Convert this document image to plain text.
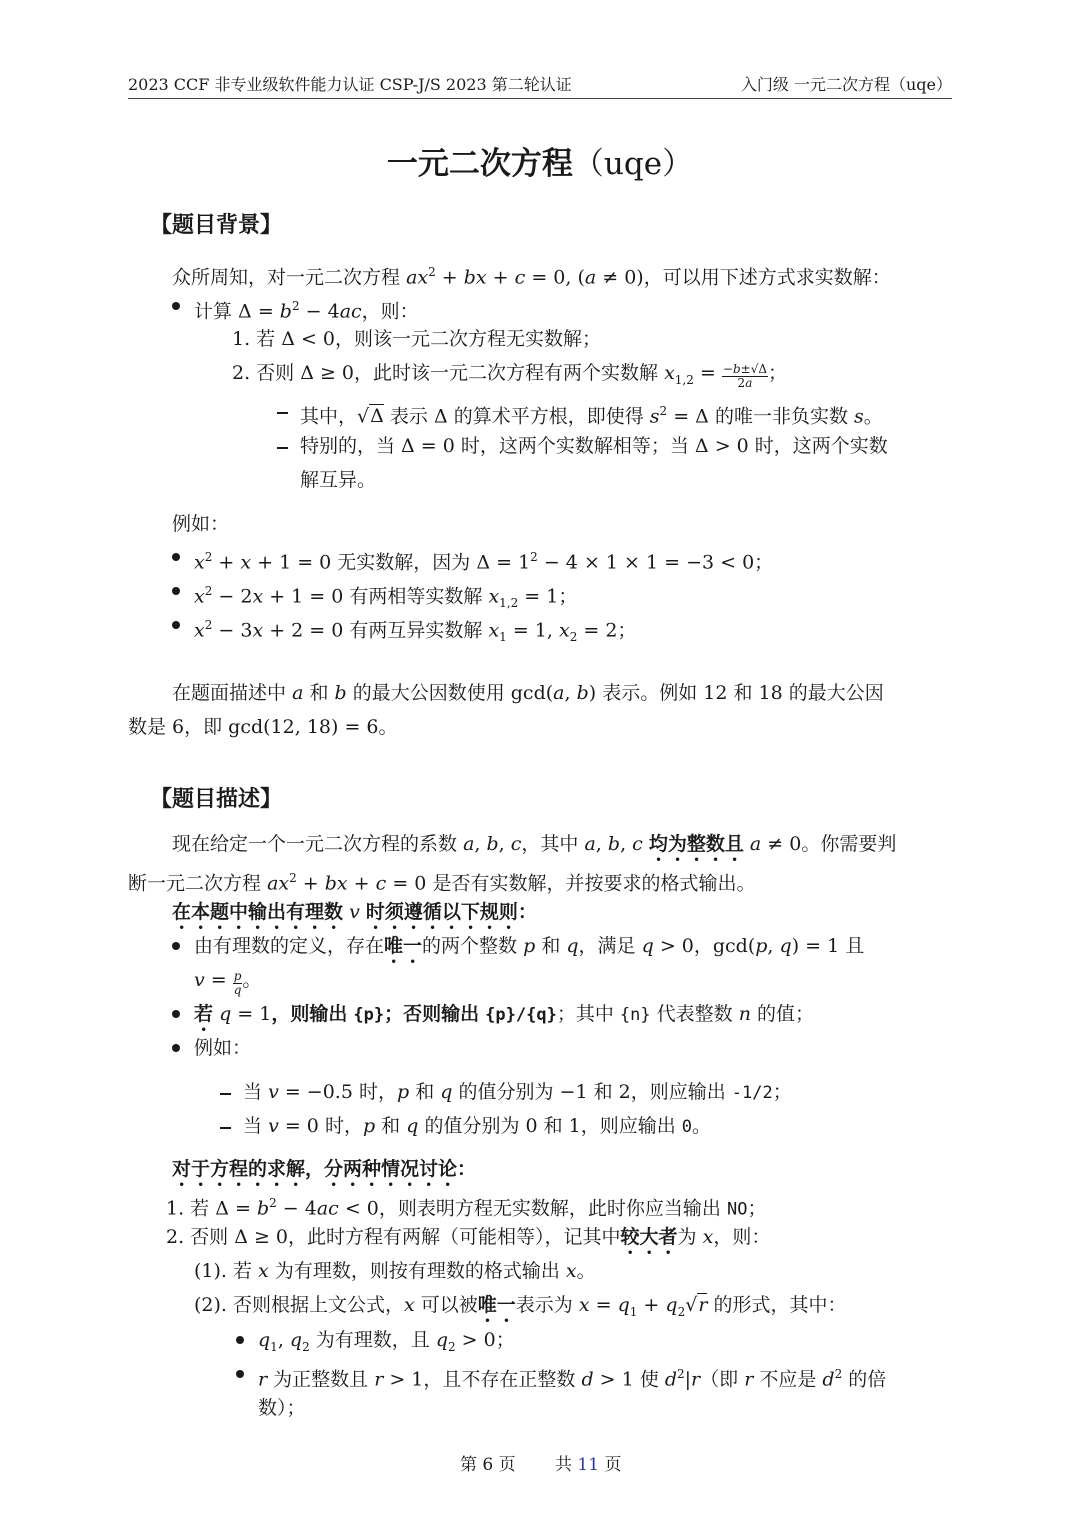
2023 CCF 非专业级软件能力认证 CSP-J/S 2023 第二轮认证	入门级 一元二次方程（uqe）
一元二次方程（uqe）
【题目背景】
众所周知，对一元二次方程 $ax^2$ + bx + c = 0, (a ≠ 0)，可以用下述方式求实数解：
计算 $\Delta = b^2 - 4ac$，则：
1. 若 Δ < 0，则该一元二次方程无实数解；
2. 否则 Δ ≥ 0，此时该一元二次方程有两个实数解 $x_{1,2} = \frac{-b\pm√\Delta}{2a}$ ；
其中，√Δ 表示 Δ 的算术平方根，即使得 $s^2 = \Delta$ 的唯一非负实数 s。
特别的，当 Δ = 0 时，这两个实数解相等；当 Δ > 0 时，这两个实数
解互异。
例如：
$x^2 + x + 1 = 0$ 无实数解，因为 $\Delta = 1^2 - 4 \times 1 \times 1 = -3 < 0$；
$x^2 - 2x + 1 = 0$ 有两相等实数解 $x_{1,2} = 1$；
$x^2 - 3x + 2 = 0$ 有两互异实数解 $x_1 = 1$, $x_2 = 2$；
在题面描述中 a 和 b 的最大公因数使用 gcd(a, b) 表示。例如 12 和 18 的最大公因
数是 6，即 gcd(12, 18) = 6。
【题目描述】
现在给定一个一元二次方程的系数 a, b, c，其中 a, b, c 均为整数且 a ≠ 0。你需要判
断一元二次方程 $ax^2$ + bx + c = 0 是否有实数解，并按要求的格式输出。
在本题中输出有理数 v 时须遵循以下规则：
由有理数的定义，存在唯一的两个整数 p 和 q，满足 q > 0，gcd(p, q) = 1 且
$v = \frac{p}{q}$ 。
若 q = 1，则输出 {p}；否则输出 {p}/{q}；其中 {n} 代表整数 n 的值；
例如：
当 v = −0.5 时，p 和 q 的值分别为 −1 和 2，则应输出 -1/2；
当 v = 0 时，p 和 q 的值分别为 0 和 1，则应输出 0。
对于方程的求解，分两种情况讨论：
1. 若 $\Delta = b^2 - 4ac < 0$，则表明方程无实数解，此时你应当输出 NO；
2. 否则 Δ ≥ 0，此时方程有两解（可能相等），记其中较大者为 x，则：
(1). 若 x 为有理数，则按有理数的格式输出 x。
(2). 否则根据上文公式，x 可以被唯一表示为 $x = q_1 + q_2√r$ 的形式，其中：
$q_1$, $q_2$ 为有理数，且 $q_2 > 0$；
r 为正整数且 r > 1，且不存在正整数 d > 1 使 $d^2|r$（即 r 不应是 $d^2$ 的倍
数）；
第 6 页 共 11 页
